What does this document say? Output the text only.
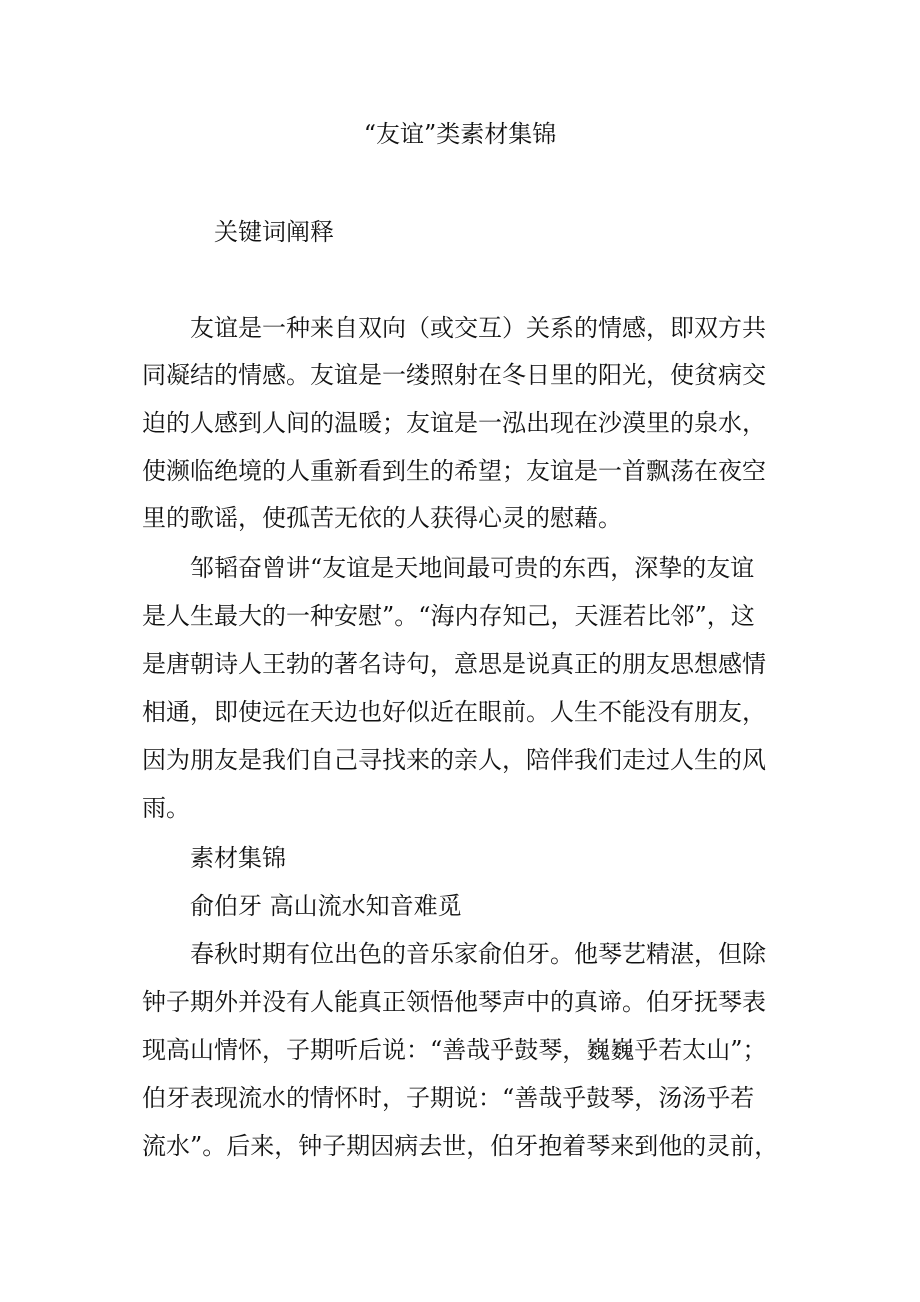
“友谊”类素材集锦

关键词阐释

友谊是一种来自双向（或交互）关系的情感，即双方共

同凝结的情感。友谊是一缕照射在冬日里的阳光，使贫病交

迫的人感到人间的温暖；友谊是一泓出现在沙漠里的泉水，

使濒临绝境的人重新看到生的希望；友谊是一首飘荡在夜空

里的歌谣，使孤苦无依的人获得心灵的慰藉。

邹韬奋曾讲“友谊是天地间最可贵的东西，深挚的友谊

是人生最大的一种安慰”。“海内存知己，天涯若比邻”，这

是唐朝诗人王勃的著名诗句，意思是说真正的朋友思想感情

相通，即使远在天边也好似近在眼前。人生不能没有朋友，

因为朋友是我们自己寻找来的亲人，陪伴我们走过人生的风

雨。

素材集锦

俞伯牙 高山流水知音难觅

春秋时期有位出色的音乐家俞伯牙。他琴艺精湛，但除

钟子期外并没有人能真正领悟他琴声中的真谛。伯牙抚琴表

现高山情怀，子期听后说：“善哉乎鼓琴，巍巍乎若太山”；

伯牙表现流水的情怀时，子期说：“善哉乎鼓琴，汤汤乎若

流水”。后来，钟子期因病去世，伯牙抱着琴来到他的灵前，
